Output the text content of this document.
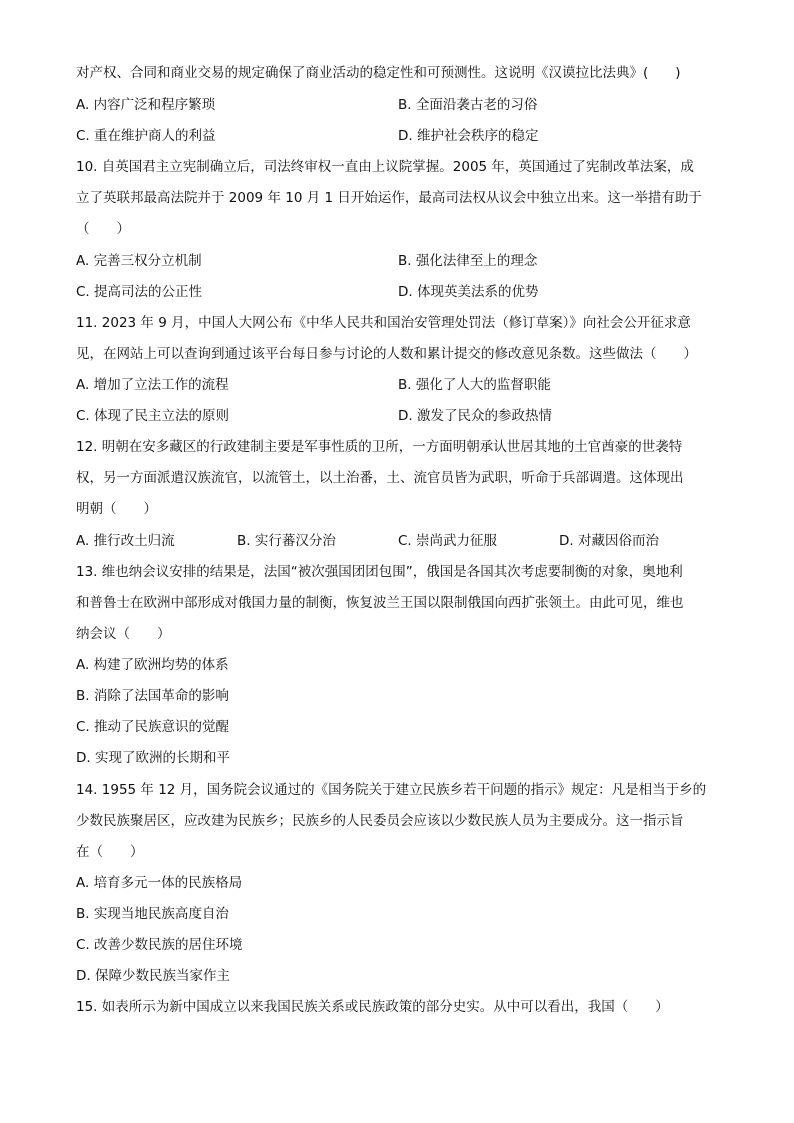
对产权、合同和商业交易的规定确保了商业活动的稳定性和可预测性。这说明《汉谟拉比法典》(　　)
A. 内容广泛和程序繁琐	B. 全面沿袭古老的习俗
C. 重在维护商人的利益	D. 维护社会秩序的稳定
10. 自英国君主立宪制确立后，司法终审权一直由上议院掌握。2005 年，英国通过了宪制改革法案，成
立了英联邦最高法院并于 2009 年 10 月 1 日开始运作，最高司法权从议会中独立出来。这一举措有助于
（　　）
A. 完善三权分立机制	B. 强化法律至上的理念
C. 提高司法的公正性	D. 体现英美法系的优势
11. 2023 年 9 月，中国人大网公布《中华人民共和国治安管理处罚法（修订草案）》向社会公开征求意
见，在网站上可以查询到通过该平台每日参与讨论的人数和累计提交的修改意见条数。这些做法（　　）
A. 增加了立法工作的流程	B. 强化了人大的监督职能
C. 体现了民主立法的原则	D. 激发了民众的参政热情
12. 明朝在安多藏区的行政建制主要是军事性质的卫所，一方面明朝承认世居其地的土官酋豪的世袭特
权，另一方面派遣汉族流官，以流管土，以土治番，土、流官员皆为武职，听命于兵部调遣。这体现出
明朝（　　）
A. 推行改土归流	B. 实行蕃汉分治	C. 崇尚武力征服	D. 对藏因俗而治
13. 维也纳会议安排的结果是，法国“被次强国团团包围”，俄国是各国其次考虑要制衡的对象，奥地利
和普鲁士在欧洲中部形成对俄国力量的制衡，恢复波兰王国以限制俄国向西扩张领土。由此可见，维也
纳会议（　　）
A. 构建了欧洲均势的体系
B. 消除了法国革命的影响
C. 推动了民族意识的觉醒
D. 实现了欧洲的长期和平
14. 1955 年 12 月，国务院会议通过的《国务院关于建立民族乡若干问题的指示》规定：凡是相当于乡的
少数民族聚居区，应改建为民族乡；民族乡的人民委员会应该以少数民族人员为主要成分。这一指示旨
在（　　）
A. 培育多元一体的民族格局
B. 实现当地民族高度自治
C. 改善少数民族的居住环境
D. 保障少数民族当家作主
15. 如表所示为新中国成立以来我国民族关系或民族政策的部分史实。从中可以看出，我国（　　）
